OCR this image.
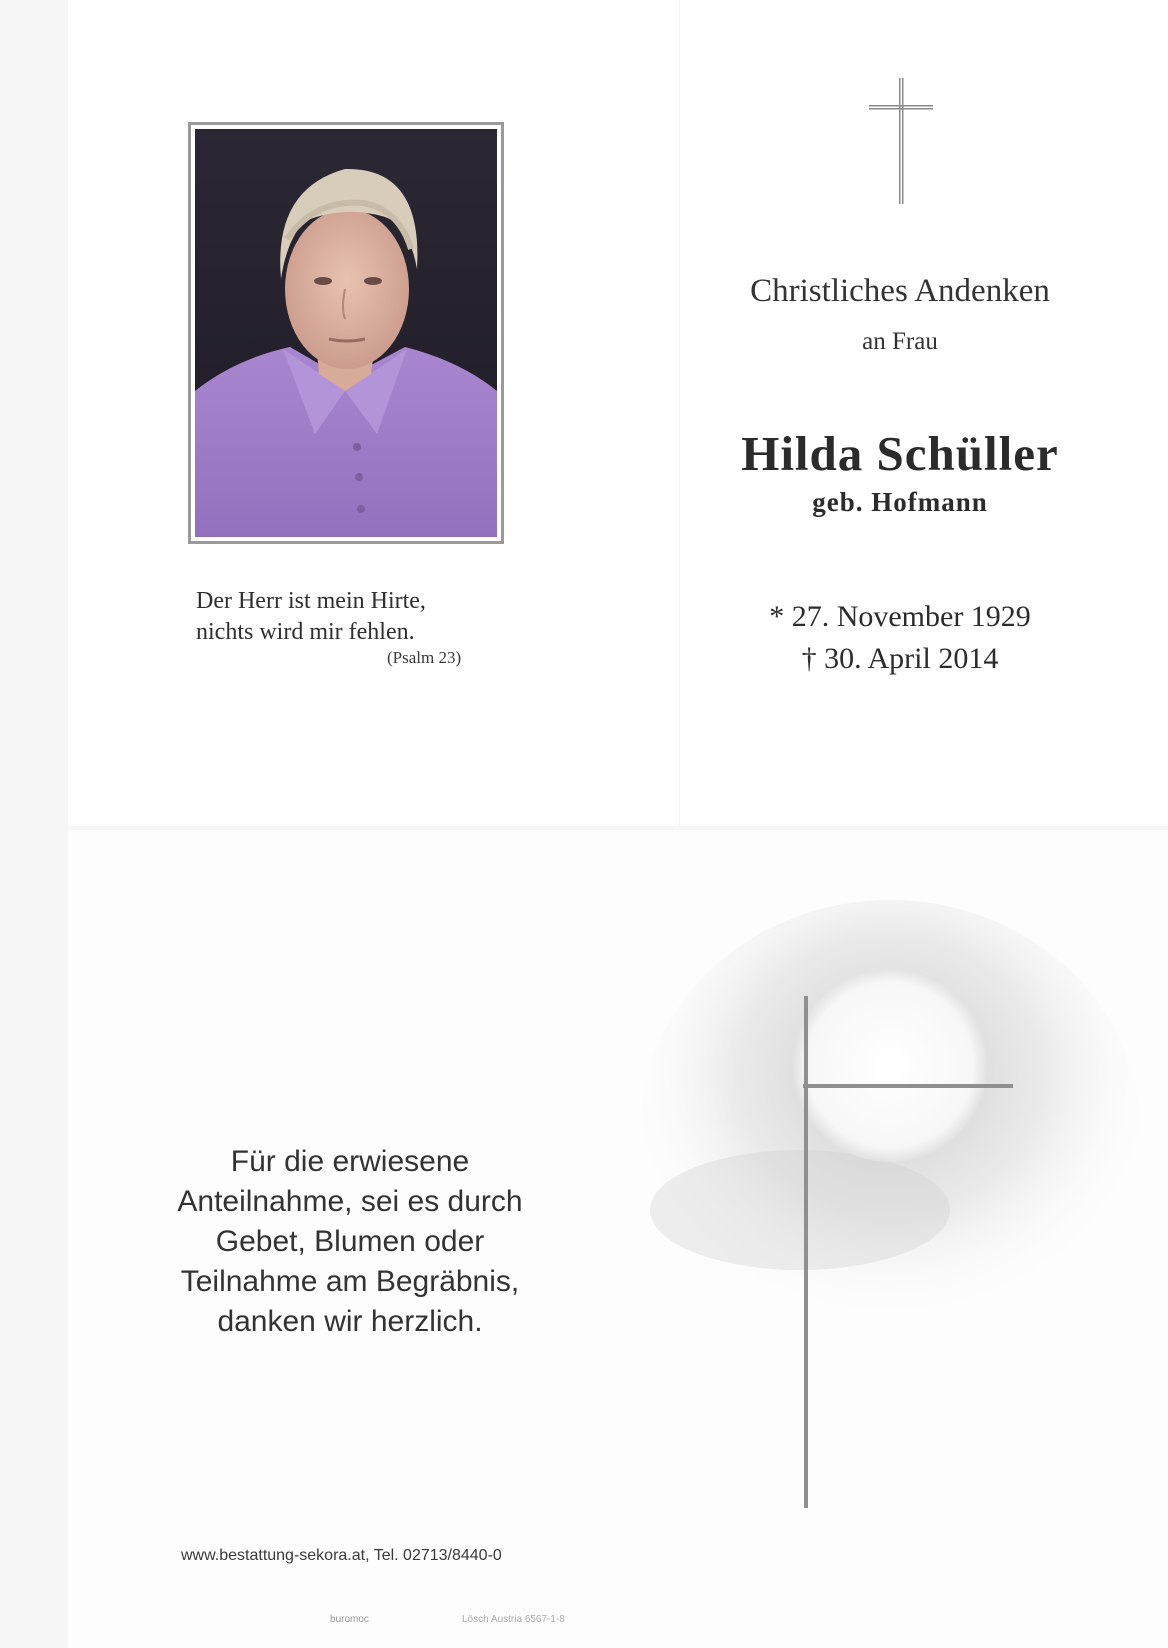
Der Herr ist mein Hirte,
nichts wird mir fehlen.
(Psalm 23)
Christliches Andenken
an Frau
Hilda Schüller
geb. Hofmann
* 27. November 1929
† 30. April 2014
Für die erwiesene
Anteilnahme, sei es durch
Gebet, Blumen oder
Teilnahme am Begräbnis,
danken wir herzlich.
www.bestattung-sekora.at, Tel. 02713/8440-0
buromoc	Lösch Austria 6567-1-8
